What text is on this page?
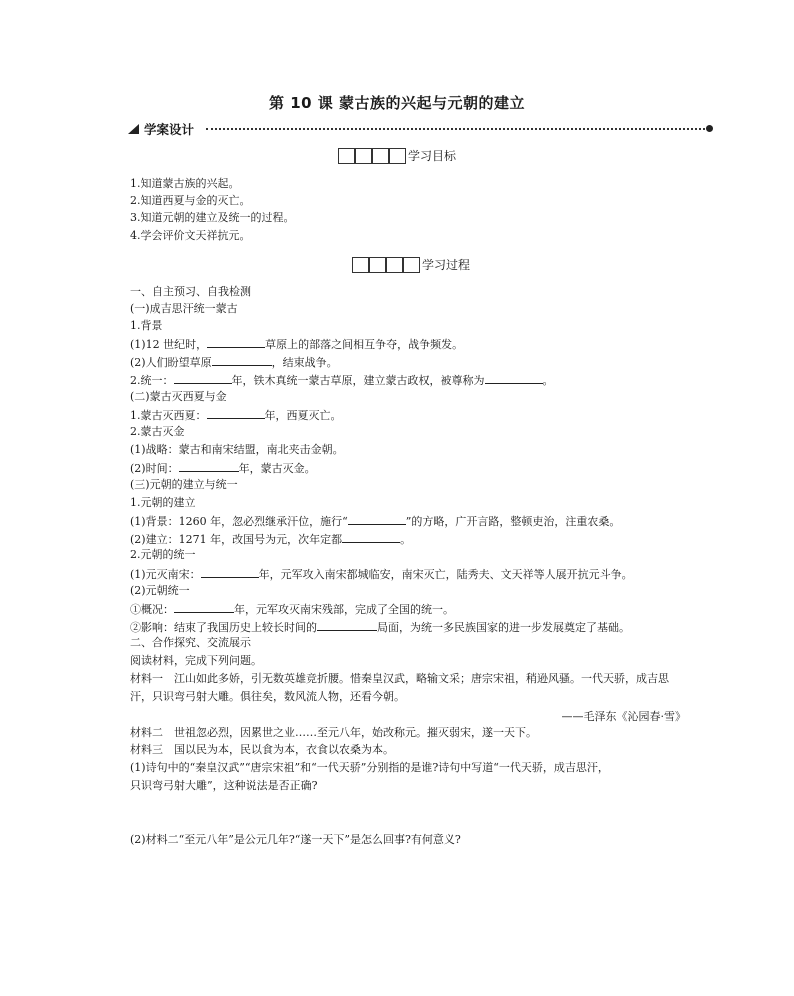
第 10 课 蒙古族的兴起与元朝的建立
学案设计
学习目标
1.知道蒙古族的兴起。
2.知道西夏与金的灭亡。
3.知道元朝的建立及统一的过程。
4.学会评价文天祥抗元。
学习过程
一、自主预习、自我检测
(一)成吉思汗统一蒙古
1.背景
(1)12 世纪时，	草原上的部落之间相互争夺，战争频发。
(2)人们盼望草原	，结束战争。
2.统一：	年，铁木真统一蒙古草原，建立蒙古政权，被尊称为	。
(二)蒙古灭西夏与金
1.蒙古灭西夏：	年，西夏灭亡。
2.蒙古灭金
(1)战略：蒙古和南宋结盟，南北夹击金朝。
(2)时间：	年，蒙古灭金。
(三)元朝的建立与统一
1.元朝的建立
(1)背景：1260 年，忽必烈继承汗位，施行“	”的方略，广开言路，整顿吏治，注重农桑。
(2)建立：1271 年，改国号为元，次年定都	。
2.元朝的统一
(1)元灭南宋：	年，元军攻入南宋都城临安，南宋灭亡，陆秀夫、文天祥等人展开抗元斗争。
(2)元朝统一
①概况：	年，元军攻灭南宋残部，完成了全国的统一。
②影响：结束了我国历史上较长时间的	局面，为统一多民族国家的进一步发展奠定了基础。
二、合作探究、交流展示
阅读材料，完成下列问题。
材料一　江山如此多娇，引无数英雄竞折腰。惜秦皇汉武，略输文采；唐宗宋祖，稍逊风骚。一代天骄，成吉思
汗，只识弯弓射大雕。俱往矣，数风流人物，还看今朝。
——毛泽东《沁园春·雪》
材料二　世祖忽必烈，因累世之业……至元八年，始改称元。摧灭弱宋，遂一天下。
材料三　国以民为本，民以食为本，衣食以农桑为本。
(1)诗句中的“秦皇汉武”“唐宗宋祖”和“一代天骄”分别指的是谁?诗句中写道“一代天骄，成吉思汗，
只识弯弓射大雕”，这种说法是否正确?
(2)材料二“至元八年”是公元几年?“遂一天下”是怎么回事?有何意义?
